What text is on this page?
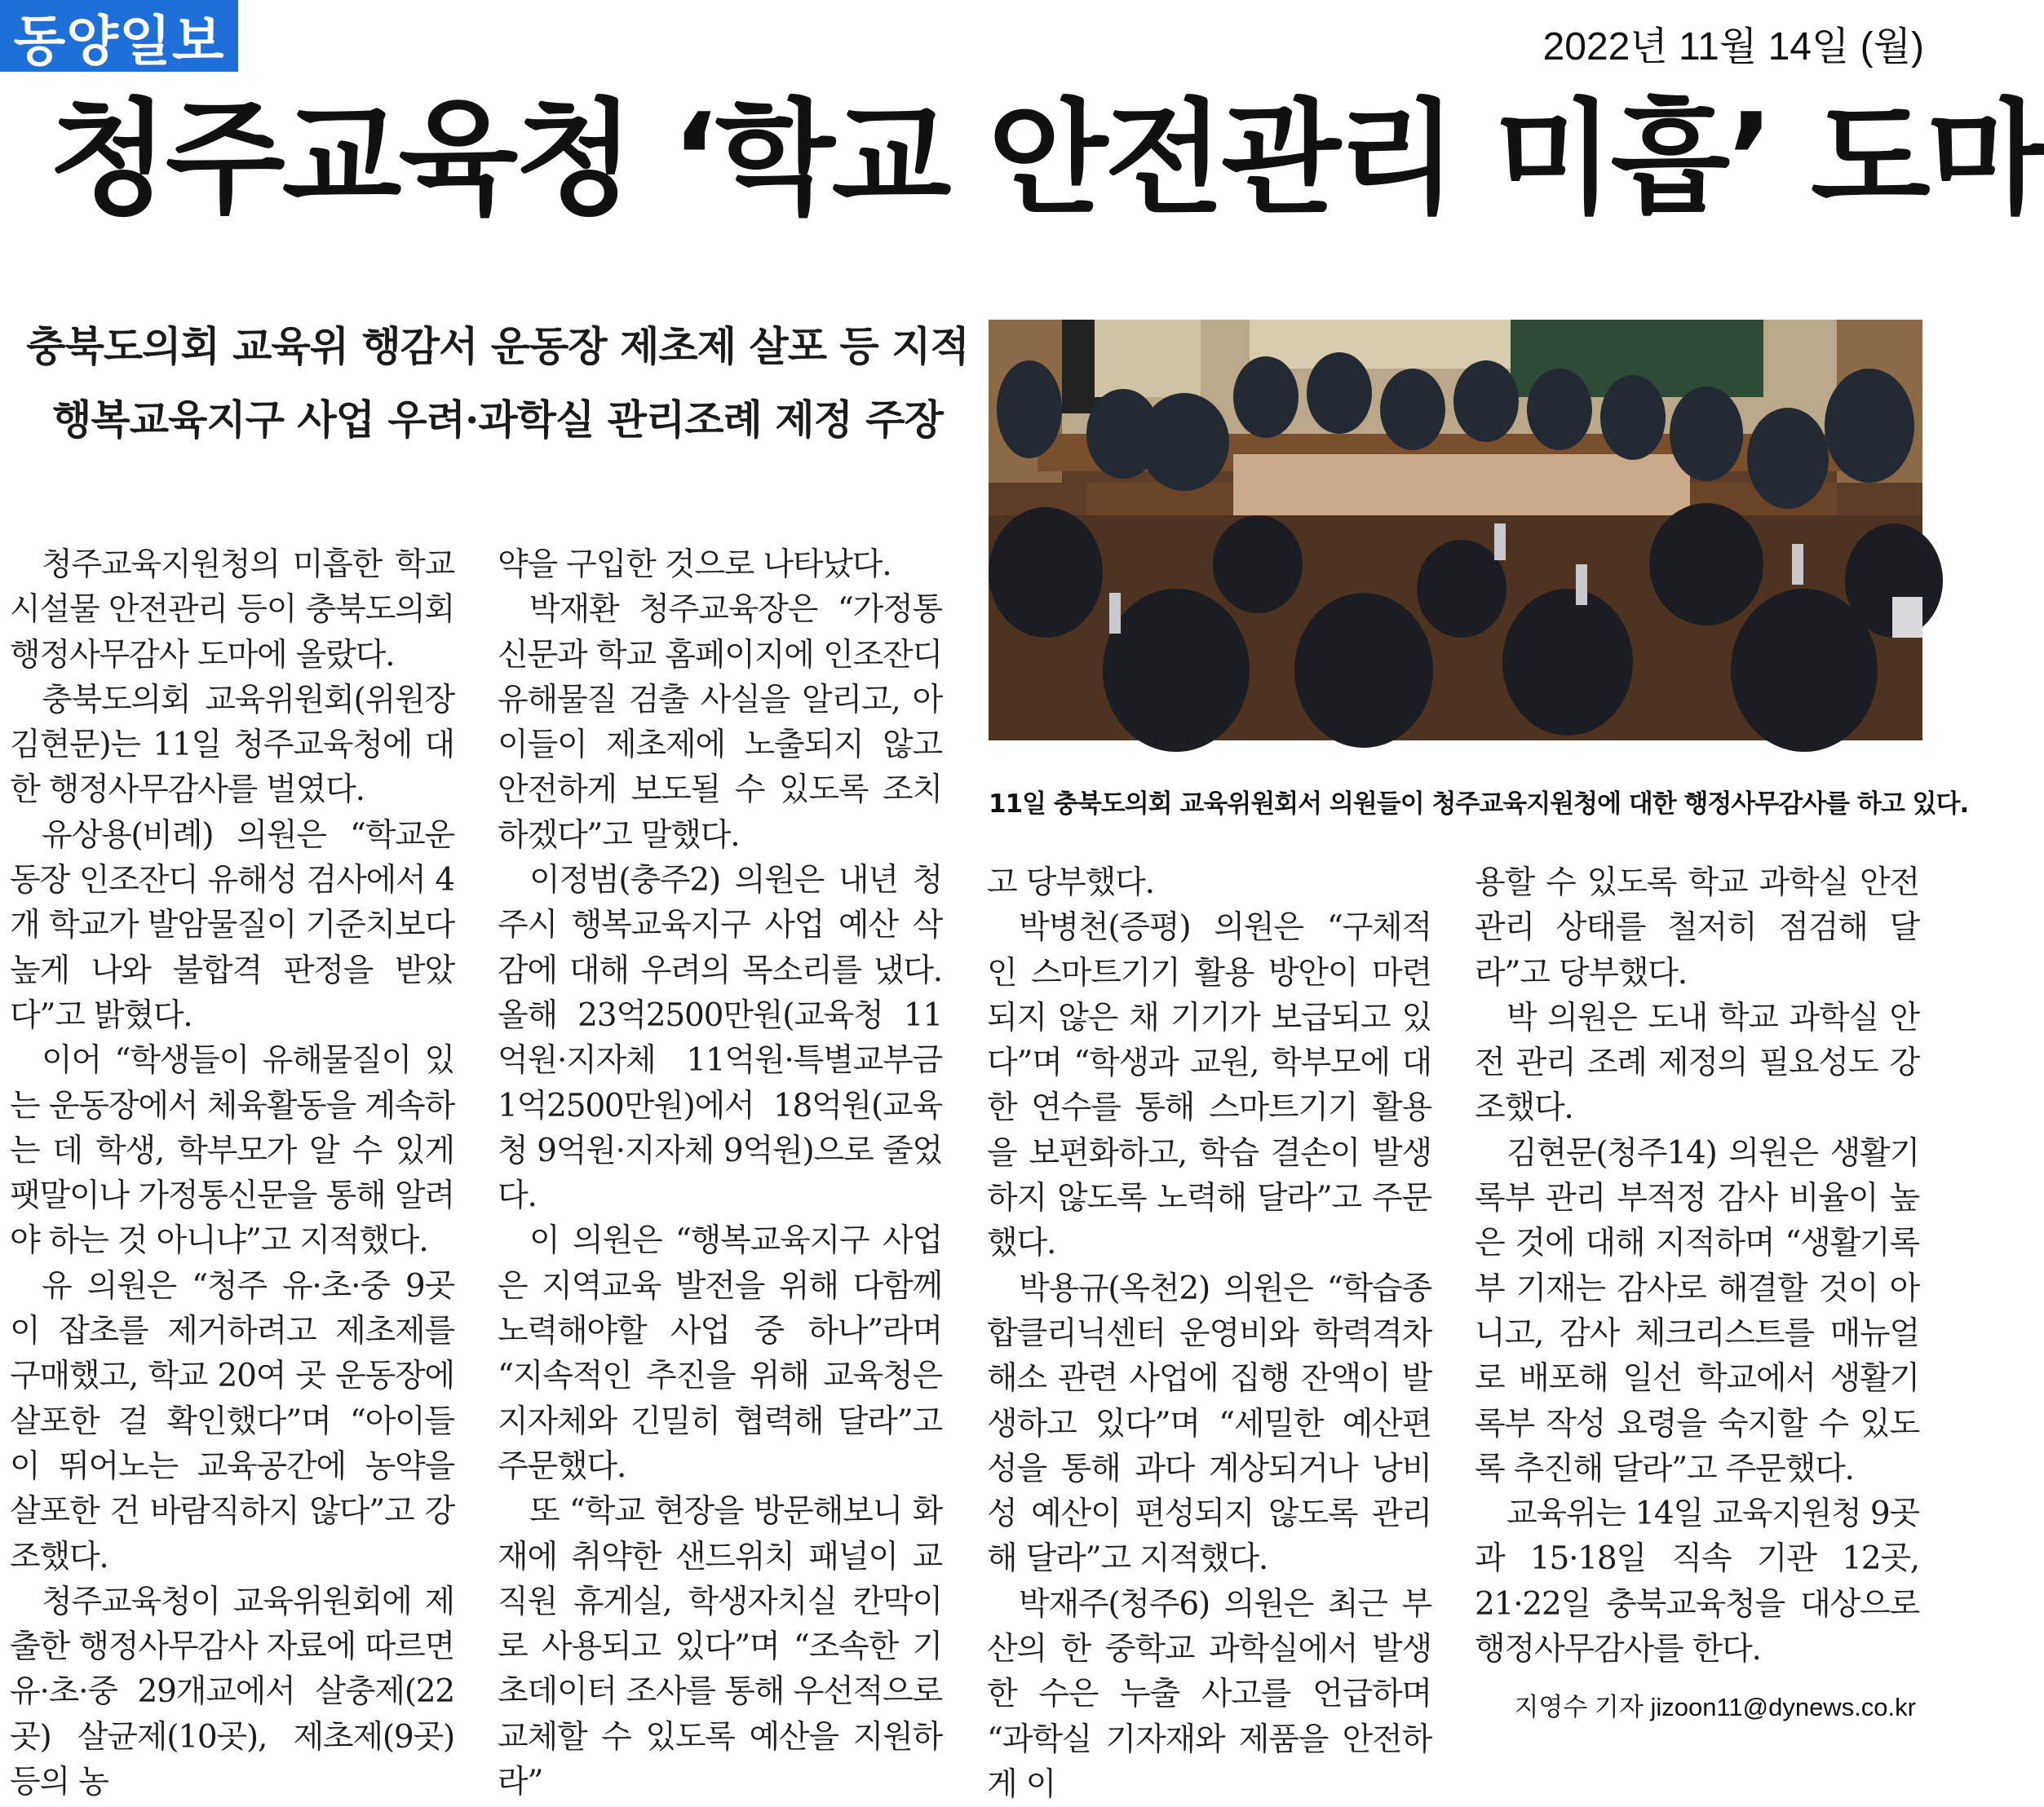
동양일보	2022년 11월 14일 (월)
청주교육청 ‘학교 안전관리 미흡’ 도마
충북도의회 교육위 행감서 운동장 제초제 살포 등 지적
행복교육지구 사업 우려·과학실 관리조례 제정 주장

청주교육지원청의 미흡한 학교 시설물 안전관리 등이 충북도의회 행정사무감사 도마에 올랐다.

충북도의회 교육위원회(위원장 김현문)는 11일 청주교육청에 대한 행정사무감사를 벌였다.

유상용(비례) 의원은 “학교운동장 인조잔디 유해성 검사에서 4개 학교가 발암물질이 기준치보다 높게 나와 불합격 판정을 받았다”고 밝혔다.

이어 “학생들이 유해물질이 있는 운동장에서 체육활동을 계속하는 데 학생, 학부모가 알 수 있게 팻말이나 가정통신문을 통해 알려야 하는 것 아니냐”고 지적했다.

유 의원은 “청주 유·초·중 9곳이 잡초를 제거하려고 제초제를 구매했고, 학교 20여 곳 운동장에 살포한 걸 확인했다”며 “아이들이 뛰어노는 교육공간에 농약을 살포한 건 바람직하지 않다”고 강조했다.

청주교육청이 교육위원회에 제출한 행정사무감사 자료에 따르면 유·초·중 29개교에서 살충제(22곳) 살균제(10곳), 제초제(9곳) 등의 농

약을 구입한 것으로 나타났다.

박재환 청주교육장은 “가정통신문과 학교 홈페이지에 인조잔디 유해물질 검출 사실을 알리고, 아이들이 제초제에 노출되지 않고 안전하게 보도될 수 있도록 조치하겠다”고 말했다.

이정범(충주2) 의원은 내년 청주시 행복교육지구 사업 예산 삭감에 대해 우려의 목소리를 냈다. 올해 23억2500만원(교육청 11억원·지자체 11억원·특별교부금 1억2500만원)에서 18억원(교육청 9억원·지자체 9억원)으로 줄었다.

이 의원은 “행복교육지구 사업은 지역교육 발전을 위해 다함께 노력해야할 사업 중 하나”라며 “지속적인 추진을 위해 교육청은 지자체와 긴밀히 협력해 달라”고 주문했다.

또 “학교 현장을 방문해보니 화재에 취약한 샌드위치 패널이 교직원 휴게실, 학생자치실 칸막이로 사용되고 있다”며 “조속한 기초데이터 조사를 통해 우선적으로 교체할 수 있도록 예산을 지원하라”

11일 충북도의회 교육위원회서 의원들이 청주교육지원청에 대한 행정사무감사를 하고 있다.

고 당부했다.

박병천(증평) 의원은 “구체적인 스마트기기 활용 방안이 마련되지 않은 채 기기가 보급되고 있다”며 “학생과 교원, 학부모에 대한 연수를 통해 스마트기기 활용을 보편화하고, 학습 결손이 발생하지 않도록 노력해 달라”고 주문했다.

박용규(옥천2) 의원은 “학습종합클리닉센터 운영비와 학력격차 해소 관련 사업에 집행 잔액이 발생하고 있다”며 “세밀한 예산편성을 통해 과다 계상되거나 낭비성 예산이 편성되지 않도록 관리해 달라”고 지적했다.

박재주(청주6) 의원은 최근 부산의 한 중학교 과학실에서 발생한 수은 누출 사고를 언급하며 “과학실 기자재와 제품을 안전하게 이

용할 수 있도록 학교 과학실 안전관리 상태를 철저히 점검해 달라”고 당부했다.

박 의원은 도내 학교 과학실 안전 관리 조례 제정의 필요성도 강조했다.

김현문(청주14) 의원은 생활기록부 관리 부적정 감사 비율이 높은 것에 대해 지적하며 “생활기록부 기재는 감사로 해결할 것이 아니고, 감사 체크리스트를 매뉴얼로 배포해 일선 학교에서 생활기록부 작성 요령을 숙지할 수 있도록 추진해 달라”고 주문했다.

교육위는 14일 교육지원청 9곳과 15·18일 직속 기관 12곳, 21·22일 충북교육청을 대상으로 행정사무감사를 한다.

지영수 기자 jizoon11@dynews.co.kr
